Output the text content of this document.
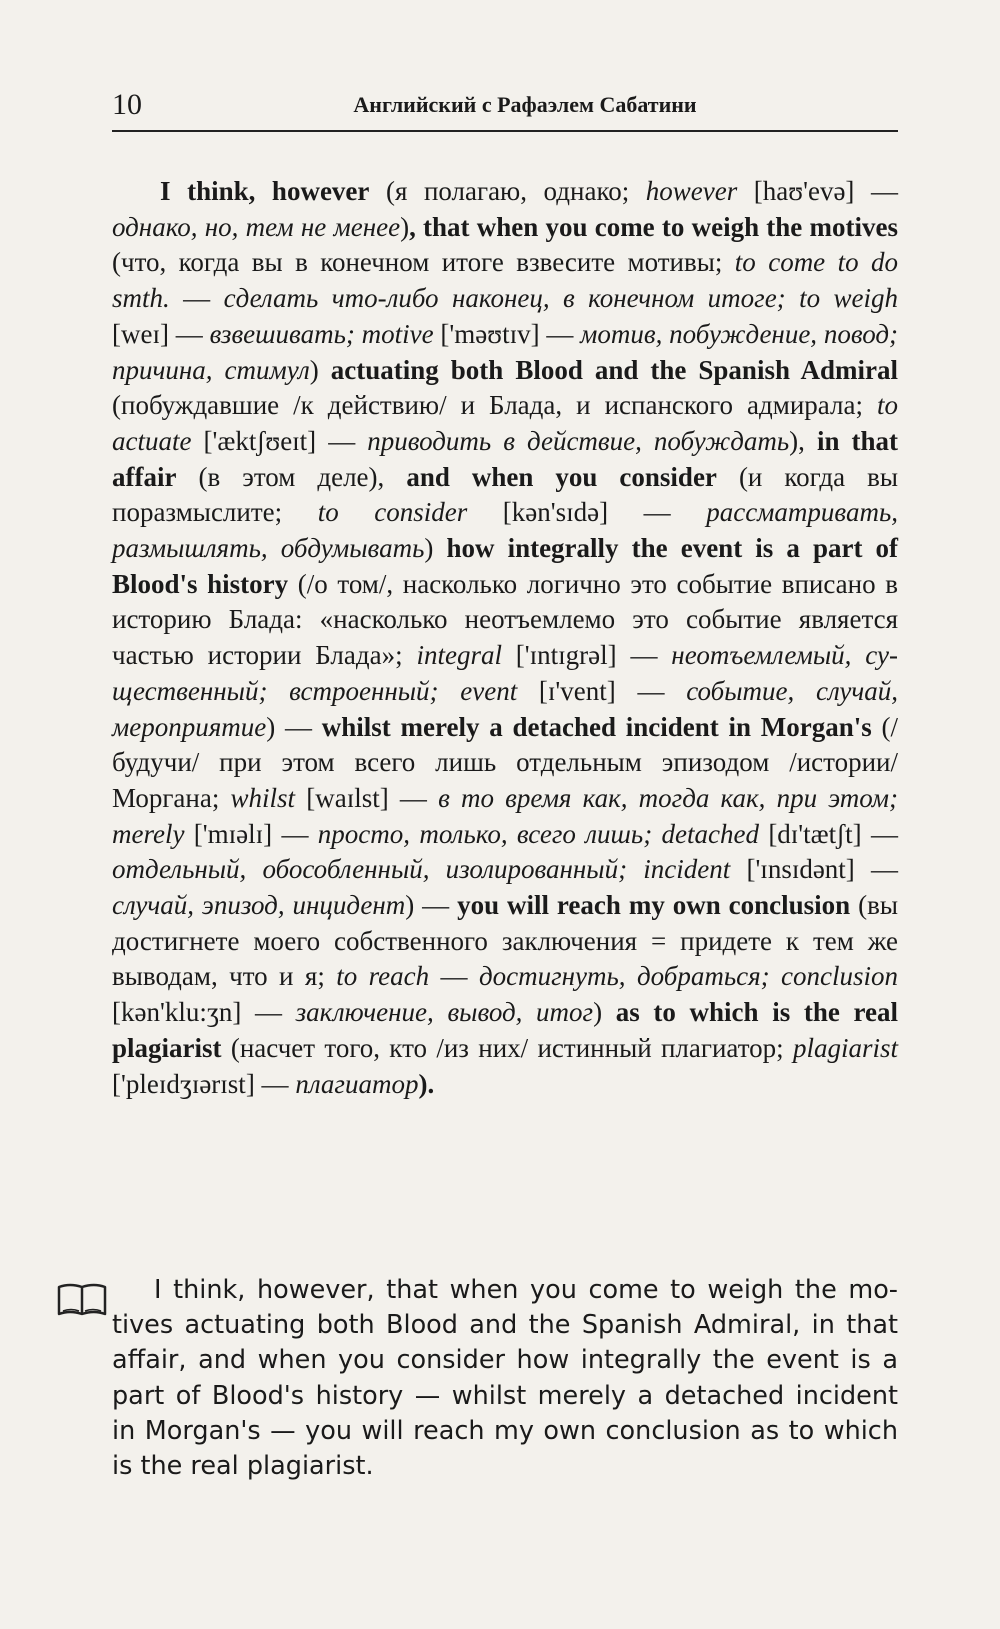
10	Английский с Рафаэлем Сабатини

I think, however (я полагаю, однако; however [haʊ'evə] — однако, но, тем не менее), that when you come to weigh the motives (что, когда вы в конечном итоге взвесите мотивы; to come to do smth. — сделать что-либо наконец, в конечном итоге; to weigh [weɪ] — взвешивать; motive ['məʊtɪv] — мотив, побуждение, повод; причина, стимул) actuating both Blood and the Spanish Admiral (побуждавшие /к действию/ и Блада, и испанского адмирала; to actuate ['æktʃʊeɪt] — приводить в действие, побуждать), in that affair (в этом деле), and when you consider (и когда вы поразмыслите; to consider [kən'sɪdə] — рассматривать, размышлять, обдумывать) how integrally the event is a part of Blood's history (/о том/, насколько логично это событие вписано в историю Блада: «насколько неотъемлемо это событие является частью истории Блада»; integral ['ɪntɪgrəl] — неотъемлемый, существенный; встроенный; event [ɪ'vent] — событие, случай, мероприятие) — whilst merely a detached incident in Morgan's (/будучи/ при этом всего лишь отдельным эпизодом /истории/ Моргана; whilst [waɪlst] — в то время как, тогда как, при этом; merely ['mɪəlɪ] — просто, только, всего лишь; detached [dɪ'tætʃt] — отдельный, обособленный, изолированный; incident ['ɪnsɪdənt] — случай, эпизод, инцидент) — you will reach my own conclusion (вы достигнете моего собственного заключения = придете к тем же выводам, что и я; to reach — достигнуть, добраться; conclusion [kən'klu:ʒn] — заключение, вывод, итог) as to which is the real plagiarist (насчет того, кто /из них/ истинный плагиатор; plagiarist ['pleɪdʒɪərɪst] — плагиатор).

I think, however, that when you come to weigh the motives actuating both Blood and the Spanish Admiral, in that affair, and when you consider how integrally the event is a part of Blood's history — whilst merely a detached incident in Morgan's — you will reach my own conclusion as to which is the real plagiarist.
